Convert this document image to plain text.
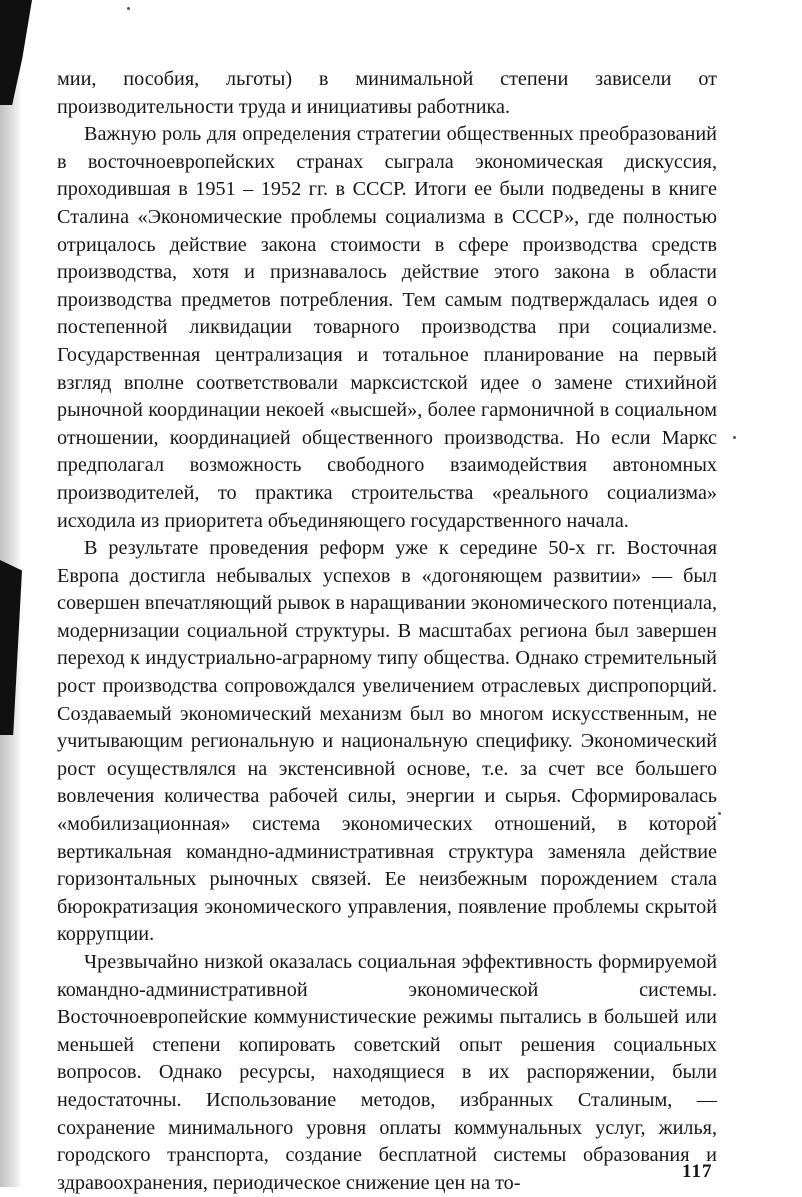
мии, пособия, льготы) в минимальной степени зависели от производительности труда и инициативы работника.

Важную роль для определения стратегии общественных преобразований в восточноевропейских странах сыграла экономическая дискуссия, проходившая в 1951 – 1952 гг. в СССР. Итоги ее были подведены в книге Сталина «Экономические проблемы социализма в СССР», где полностью отрицалось действие закона стоимости в сфере производства средств производства, хотя и признавалось действие этого закона в области производства предметов потребления. Тем самым подтверждалась идея о постепенной ликвидации товарного производства при социализме. Государственная централизация и тотальное планирование на первый взгляд вполне соответствовали марксистской идее о замене стихийной рыночной координации некоей «высшей», более гармоничной в социальном отношении, координацией общественного производства. Но если Маркс предполагал возможность свободного взаимодействия автономных производителей, то практика строительства «реального социализма» исходила из приоритета объединяющего государственного начала.

В результате проведения реформ уже к середине 50-х гг. Восточная Европа достигла небывалых успехов в «догоняющем развитии» — был совершен впечатляющий рывок в наращивании экономического потенциала, модернизации социальной структуры. В масштабах региона был завершен переход к индустриально-аграрному типу общества. Однако стремительный рост производства сопровождался увеличением отраслевых диспропорций. Создаваемый экономический механизм был во многом искусственным, не учитывающим региональную и национальную специфику. Экономический рост осуществлялся на экстенсивной основе, т.е. за счет все большего вовлечения количества рабочей силы, энергии и сырья. Сформировалась «мобилизационная» система экономических отношений, в которой вертикальная командно-административная структура заменяла действие горизонтальных рыночных связей. Ее неизбежным порождением стала бюрократизация экономического управления, появление проблемы скрытой коррупции.

Чрезвычайно низкой оказалась социальная эффективность формируемой командно-административной экономической системы. Восточноевропейские коммунистические режимы пытались в большей или меньшей степени копировать советский опыт решения социальных вопросов. Однако ресурсы, находящиеся в их распоряжении, были недостаточны. Использование методов, избранных Сталиным, — сохранение минимального уровня оплаты коммунальных услуг, жилья, городского транспорта, создание бесплатной системы образования и здравоохранения, периодическое снижение цен на то-

117
